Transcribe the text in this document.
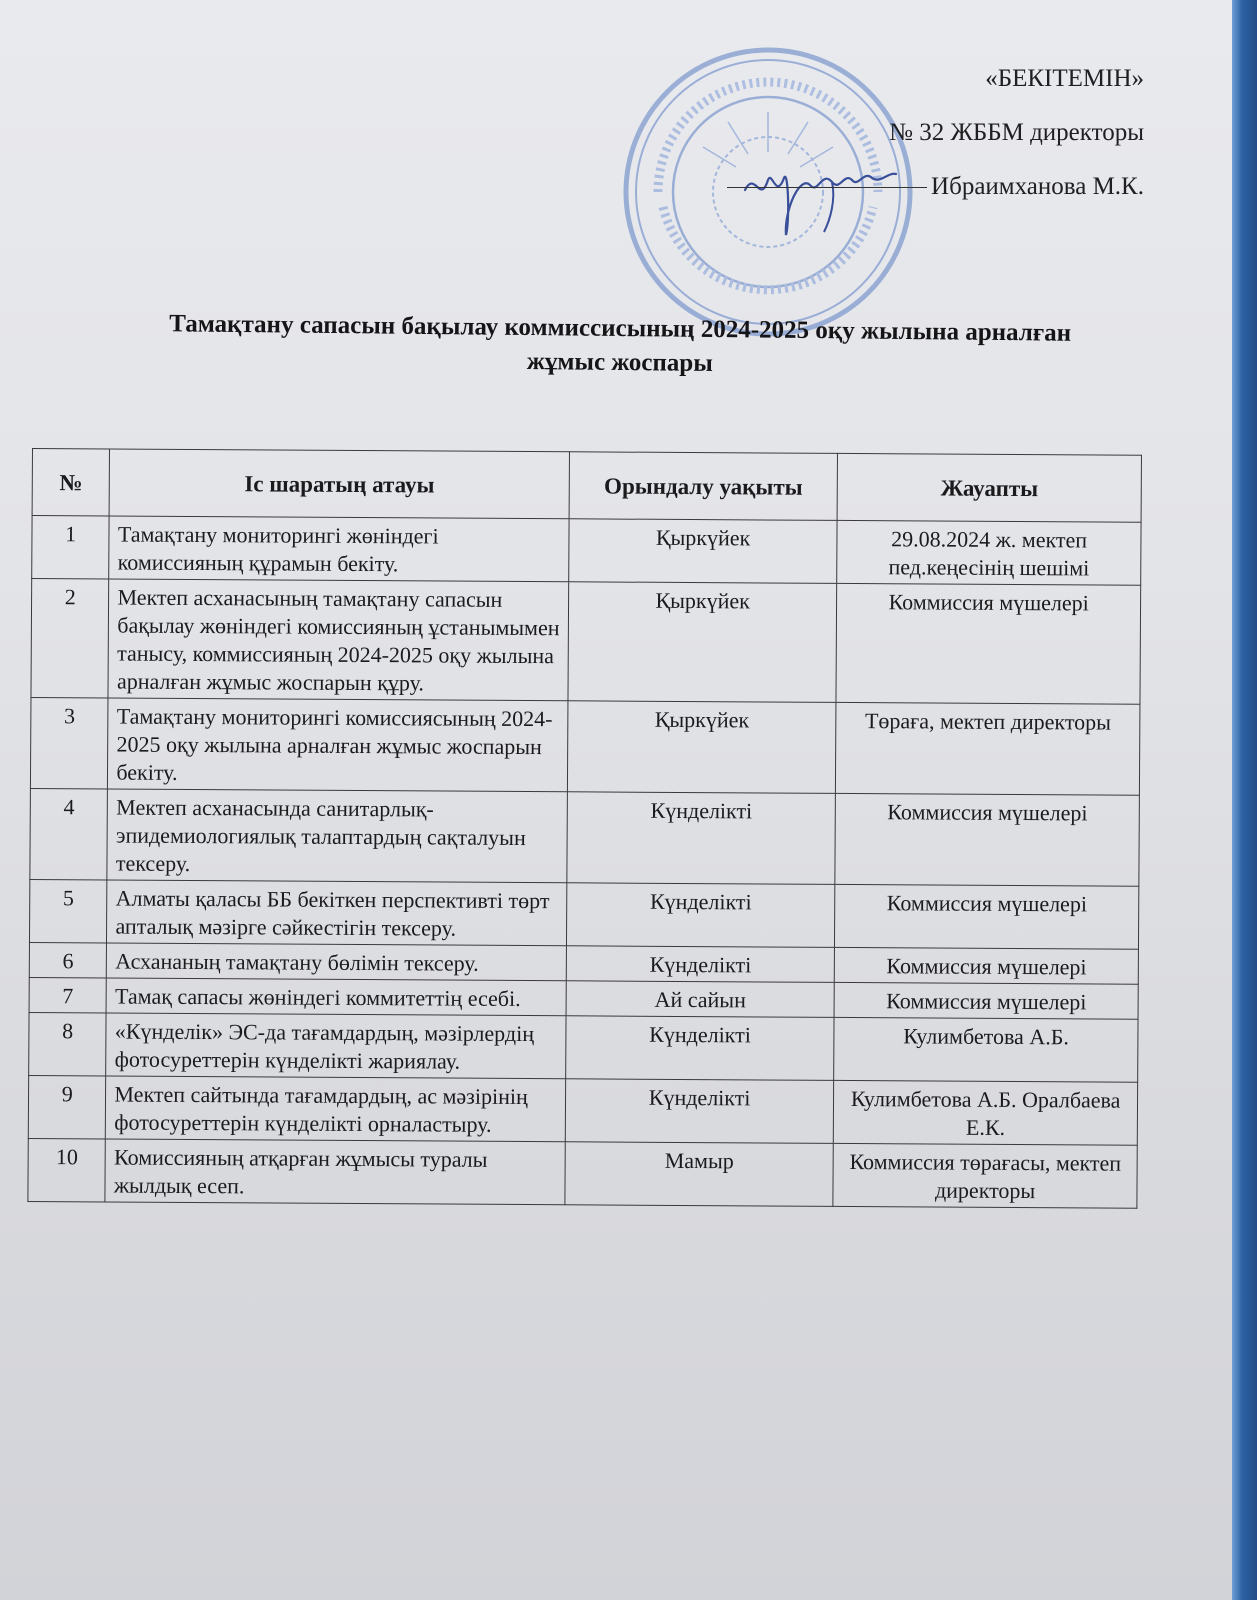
«БЕКІТЕМІН»
№ 32 ЖББМ директоры
Ибраимханова М.К.
Тамақтану сапасын бақылау коммиссисының 2024-2025 оқу жылына арналған
жұмыс жоспары
№	Іс шаратың атауы	Орындалу уақыты	Жауапты
1	Тамақтану мониторингі жөніндегі комиссияның құрамын бекіту.	Қыркүйек	29.08.2024 ж. мектеп пед.кеңесінің шешімі
2	Мектеп асханасының тамақтану сапасын бақылау жөніндегі комиссияның ұстанымымен танысу, коммиссияның 2024-2025 оқу жылына арналған жұмыс жоспарын құру.	Қыркүйек	Коммиссия мүшелері
3	Тамақтану мониторингі комиссиясының 2024-2025 оқу жылына арналған жұмыс жоспарын бекіту.	Қыркүйек	Төраға, мектеп директоры
4	Мектеп асханасында санитарлық-эпидемиологиялық талаптардың сақталуын тексеру.	Күнделікті	Коммиссия мүшелері
5	Алматы қаласы ББ бекіткен перспективті төрт апталық мәзірге сәйкестігін тексеру.	Күнделікті	Коммиссия мүшелері
6	Асхананың тамақтану бөлімін тексеру.	Күнделікті	Коммиссия мүшелері
7	Тамақ сапасы жөніндегі коммитеттің есебі.	Ай сайын	Коммиссия мүшелері
8	«Күнделік» ЭС-да тағамдардың, мәзірлердің фотосуреттерін күнделікті жариялау.	Күнделікті	Кулимбетова А.Б.
9	Мектеп сайтында тағамдардың, ас мәзірінің фотосуреттерін күнделікті орналастыру.	Күнделікті	Кулимбетова А.Б. Оралбаева Е.К.
10	Комиссияның атқарған жұмысы туралы жылдық есеп.	Мамыр	Коммиссия төрағасы, мектеп директоры
